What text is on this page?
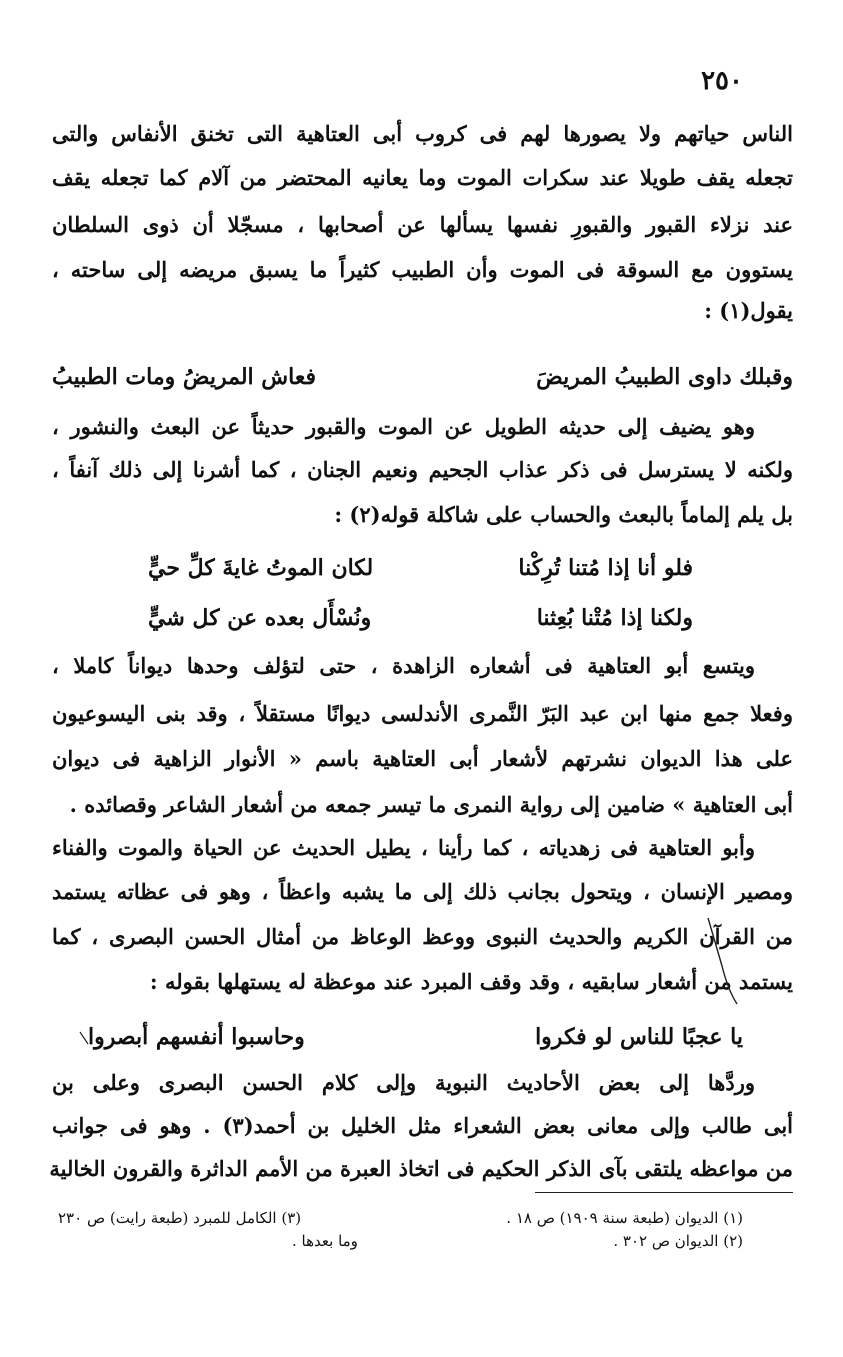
٢٥٠
الناس حياتهم ولا يصورها لهم فى كروب أبى العتاهية التى تخنق الأنفاس والتى
تجعله يقف طويلا عند سكرات الموت وما يعانيه المحتضر من آلام كما تجعله يقف
عند نزلاء القبور والقبورِ نفسها يسألها عن أصحابها ، مسجّلا أن ذوى السلطان
يستوون مع السوقة فى الموت وأن الطبيب كثيراً ما يسبق مريضه إلى ساحته ،
يقول(١) :
وقبلك داوى الطبيبُ المريضَ
فعاش المريضُ ومات الطبيبُ
وهو يضيف إلى حديثه الطويل عن الموت والقبور حديثاً عن البعث والنشور ،
ولكنه لا يسترسل فى ذكر عذاب الجحيم ونعيم الجنان ، كما أشرنا إلى ذلك آنفاً ،
بل يلم إلماماً بالبعث والحساب على شاكلة قوله(٢) :
فلو أنا إذا مُتنا تُرِكْنا
لكان الموتُ غايةَ كلِّ حيٍّ
ولكنا إذا مُتْنا بُعِثنا
ونُسْأَل بعده عن كل شيٍّ
ويتسع أبو العتاهية فى أشعاره الزاهدة ، حتى لتؤلف وحدها ديواناً كاملا ،
وفعلا جمع منها ابن عبد البَرّ النَّمرى الأندلسى ديوانًا مستقلاً ، وقد بنى اليسوعيون
على هذا الديوان نشرتهم لأشعار أبى العتاهية باسم « الأنوار الزاهية فى ديوان
أبى العتاهية » ضامين إلى رواية النمرى ما تيسر جمعه من أشعار الشاعر وقصائده .
وأبو العتاهية فى زهدياته ، كما رأينا ، يطيل الحديث عن الحياة والموت والفناء
ومصير الإنسان ، ويتحول بجانب ذلك إلى ما يشبه واعظاً ، وهو فى عظاته يستمد
من القرآن الكريم والحديث النبوى ووعظ الوعاظ من أمثال الحسن البصرى ، كما
يستمد من أشعار سابقيه ، وقد وقف المبرد عند موعظة له يستهلها بقوله :
يا عجبًا للناس لو فكروا
وحاسبوا أنفسهم أبصروا
وردَّها إلى بعض الأحاديث النبوية وإلى كلام الحسن البصرى وعلى بن
أبى طالب وإلى معانى بعض الشعراء مثل الخليل بن أحمد(٣) . وهو فى جوانب
من مواعظه يلتقى بآى الذكر الحكيم فى اتخاذ العبرة من الأمم الداثرة والقرون الخالية
(١) الديوان (طبعة سنة ١٩٠٩) ص ١٨ .
(٢) الديوان ص ٣٠٢ .
(٣) الكامل للمبرد (طبعة رايت) ص ٢٣٠
وما بعدها .
